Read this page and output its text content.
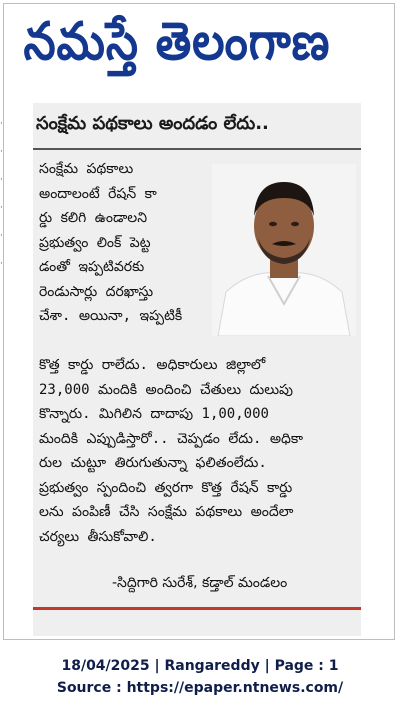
నమస్తే తెలంగాణ
·
·
·
·
·
·
సంక్షేమ పథకాలు అందడం లేదు..
సంక్షేమ పథకాలు
అందాలంటే రేషన్ కా
ర్డు కలిగి ఉండాలని
ప్రభుత్వం లింక్ పెట్ట
డంతో ఇప్పటివరకు
రెండుసార్లు దరఖాస్తు
చేశా. అయినా, ఇప్పటికీ
కొత్త కార్డు రాలేదు. అధికారులు జిల్లాలో
23,000 మందికి అందించి చేతులు దులుపు
కొన్నారు. మిగిలిన దాదాపు 1,00,000
మందికి ఎప్పుడిస్తారో.. చెప్పడం లేదు. అధికా
రుల చుట్టూ తిరుగుతున్నా ఫలితంలేదు.
ప్రభుత్వం స్పందించి త్వరగా కొత్త రేషన్ కార్డు
లను పంపిణీ చేసి సంక్షేమ పథకాలు అందేలా
చర్యలు తీసుకోవాలి.
-సిద్దిగారి సురేశ్, కడ్తాల్ మండలం
18/04/2025 | Rangareddy | Page : 1
Source : https://epaper.ntnews.com/
